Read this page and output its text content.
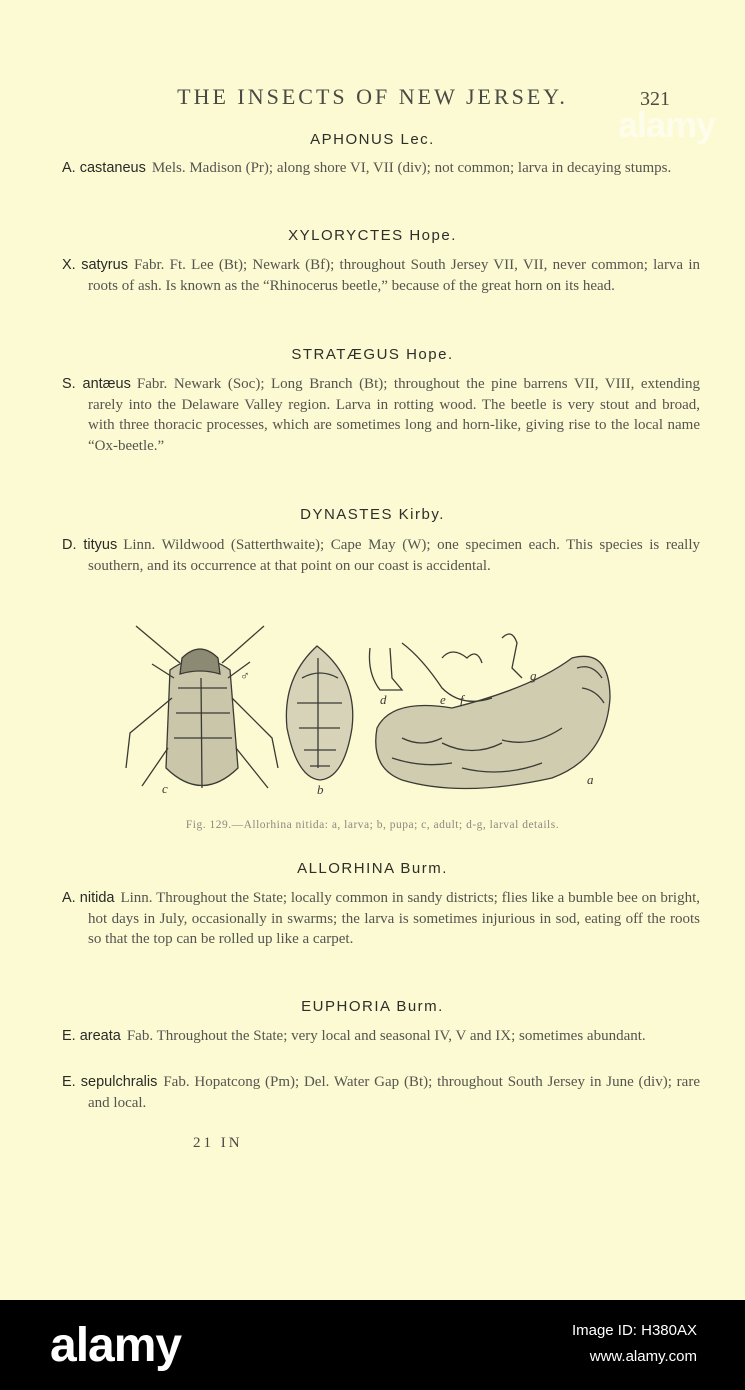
THE INSECTS OF NEW JERSEY.	321
alamy
APHONUS Lec.
A. castaneus Mels. Madison (Pr); along shore VI, VII (div); not common; larva in decaying stumps.
XYLORYCTES Hope.
X. satyrus Fabr. Ft. Lee (Bt); Newark (Bf); throughout South Jersey VII, VII, never common; larva in roots of ash. Is known as the “Rhinocerus beetle,” because of the great horn on its head.
STRATÆGUS Hope.
S. antæus Fabr. Newark (Soc); Long Branch (Bt); throughout the pine barrens VII, VIII, extending rarely into the Delaware Valley region. Larva in rotting wood. The beetle is very stout and broad, with three thoracic processes, which are sometimes long and horn-like, giving rise to the local name “Ox-beetle.”
DYNASTES Kirby.
D. tityus Linn. Wildwood (Satterthwaite); Cape May (W); one specimen each. This species is really southern, and its occurrence at that point on our coast is accidental.
c	b
d	e f
g
a
♂
Fig. 129.—Allorhina nitida: a, larva; b, pupa; c, adult; d-g, larval details.
ALLORHINA Burm.
A. nitida Linn. Throughout the State; locally common in sandy districts; flies like a bumble bee on bright, hot days in July, occasionally in swarms; the larva is sometimes injurious in sod, eating off the roots so that the top can be rolled up like a carpet.
EUPHORIA Burm.
E. areata Fab. Throughout the State; very local and seasonal IV, V and IX; sometimes abundant.
E. sepulchralis Fab. Hopatcong (Pm); Del. Water Gap (Bt); throughout South Jersey in June (div); rare and local.
21 IN
alamy	Image ID: H380AX
www.alamy.com
